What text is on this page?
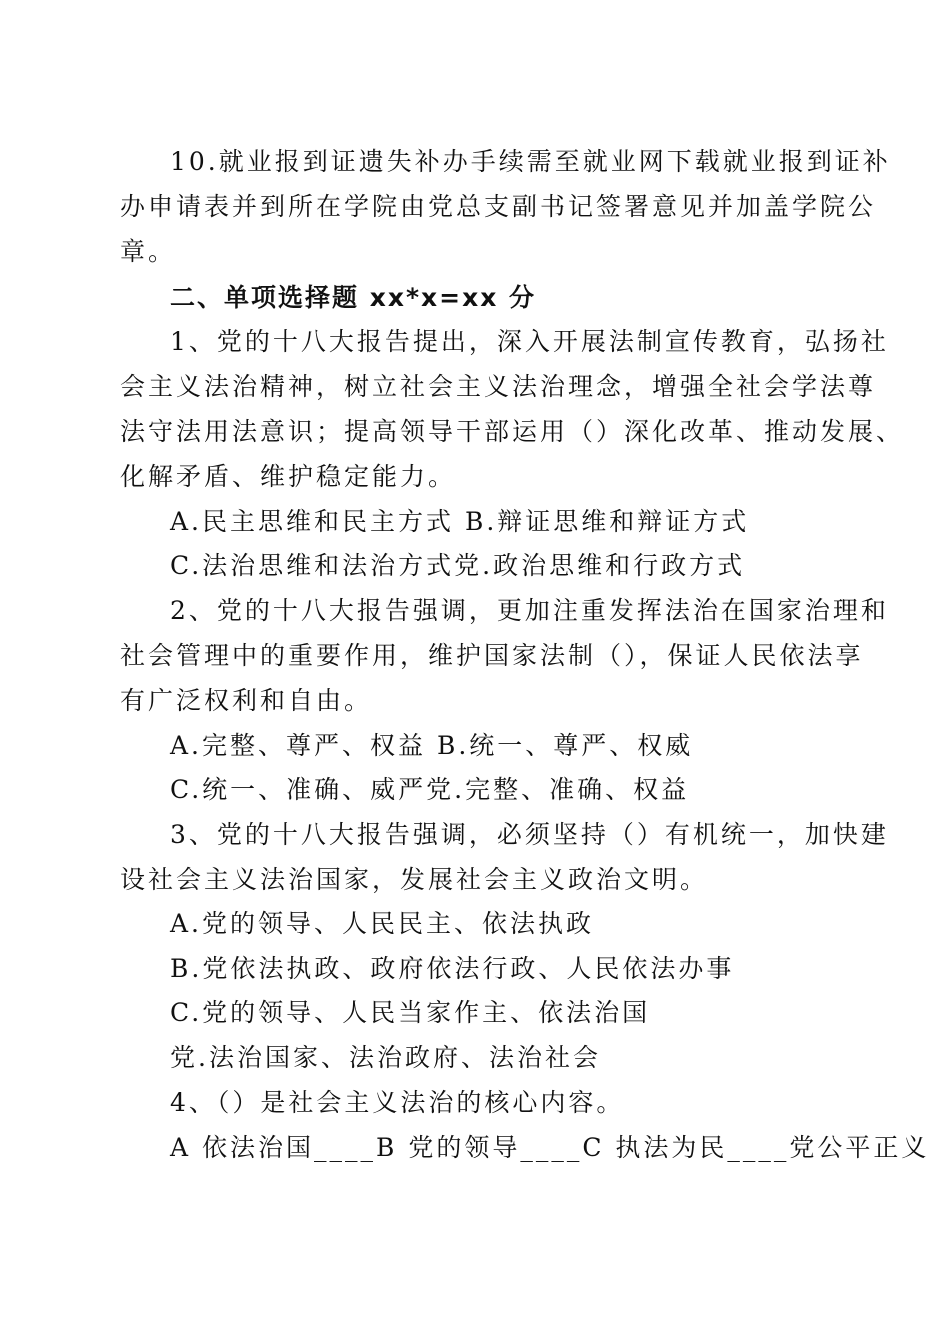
10.就业报到证遗失补办手续需至就业网下载就业报到证补
办申请表并到所在学院由党总支副书记签署意见并加盖学院公
章。
二、单项选择题 xx*x=xx 分
1、党的十八大报告提出，深入开展法制宣传教育，弘扬社
会主义法治精神，树立社会主义法治理念，增强全社会学法尊
法守法用法意识；提高领导干部运用（）深化改革、推动发展、
化解矛盾、维护稳定能力。
A.民主思维和民主方式 B.辩证思维和辩证方式
C.法治思维和法治方式党.政治思维和行政方式
2、党的十八大报告强调，更加注重发挥法治在国家治理和
社会管理中的重要作用，维护国家法制（），保证人民依法享
有广泛权利和自由。
A.完整、尊严、权益 B.统一、尊严、权威
C.统一、准确、威严党.完整、准确、权益
3、党的十八大报告强调，必须坚持（）有机统一，加快建
设社会主义法治国家，发展社会主义政治文明。
A.党的领导、人民民主、依法执政
B.党依法执政、政府依法行政、人民依法办事
C.党的领导、人民当家作主、依法治国
党.法治国家、法治政府、法治社会
4、（）是社会主义法治的核心内容。
A 依法治国____B 党的领导____C 执法为民____党公平正义
